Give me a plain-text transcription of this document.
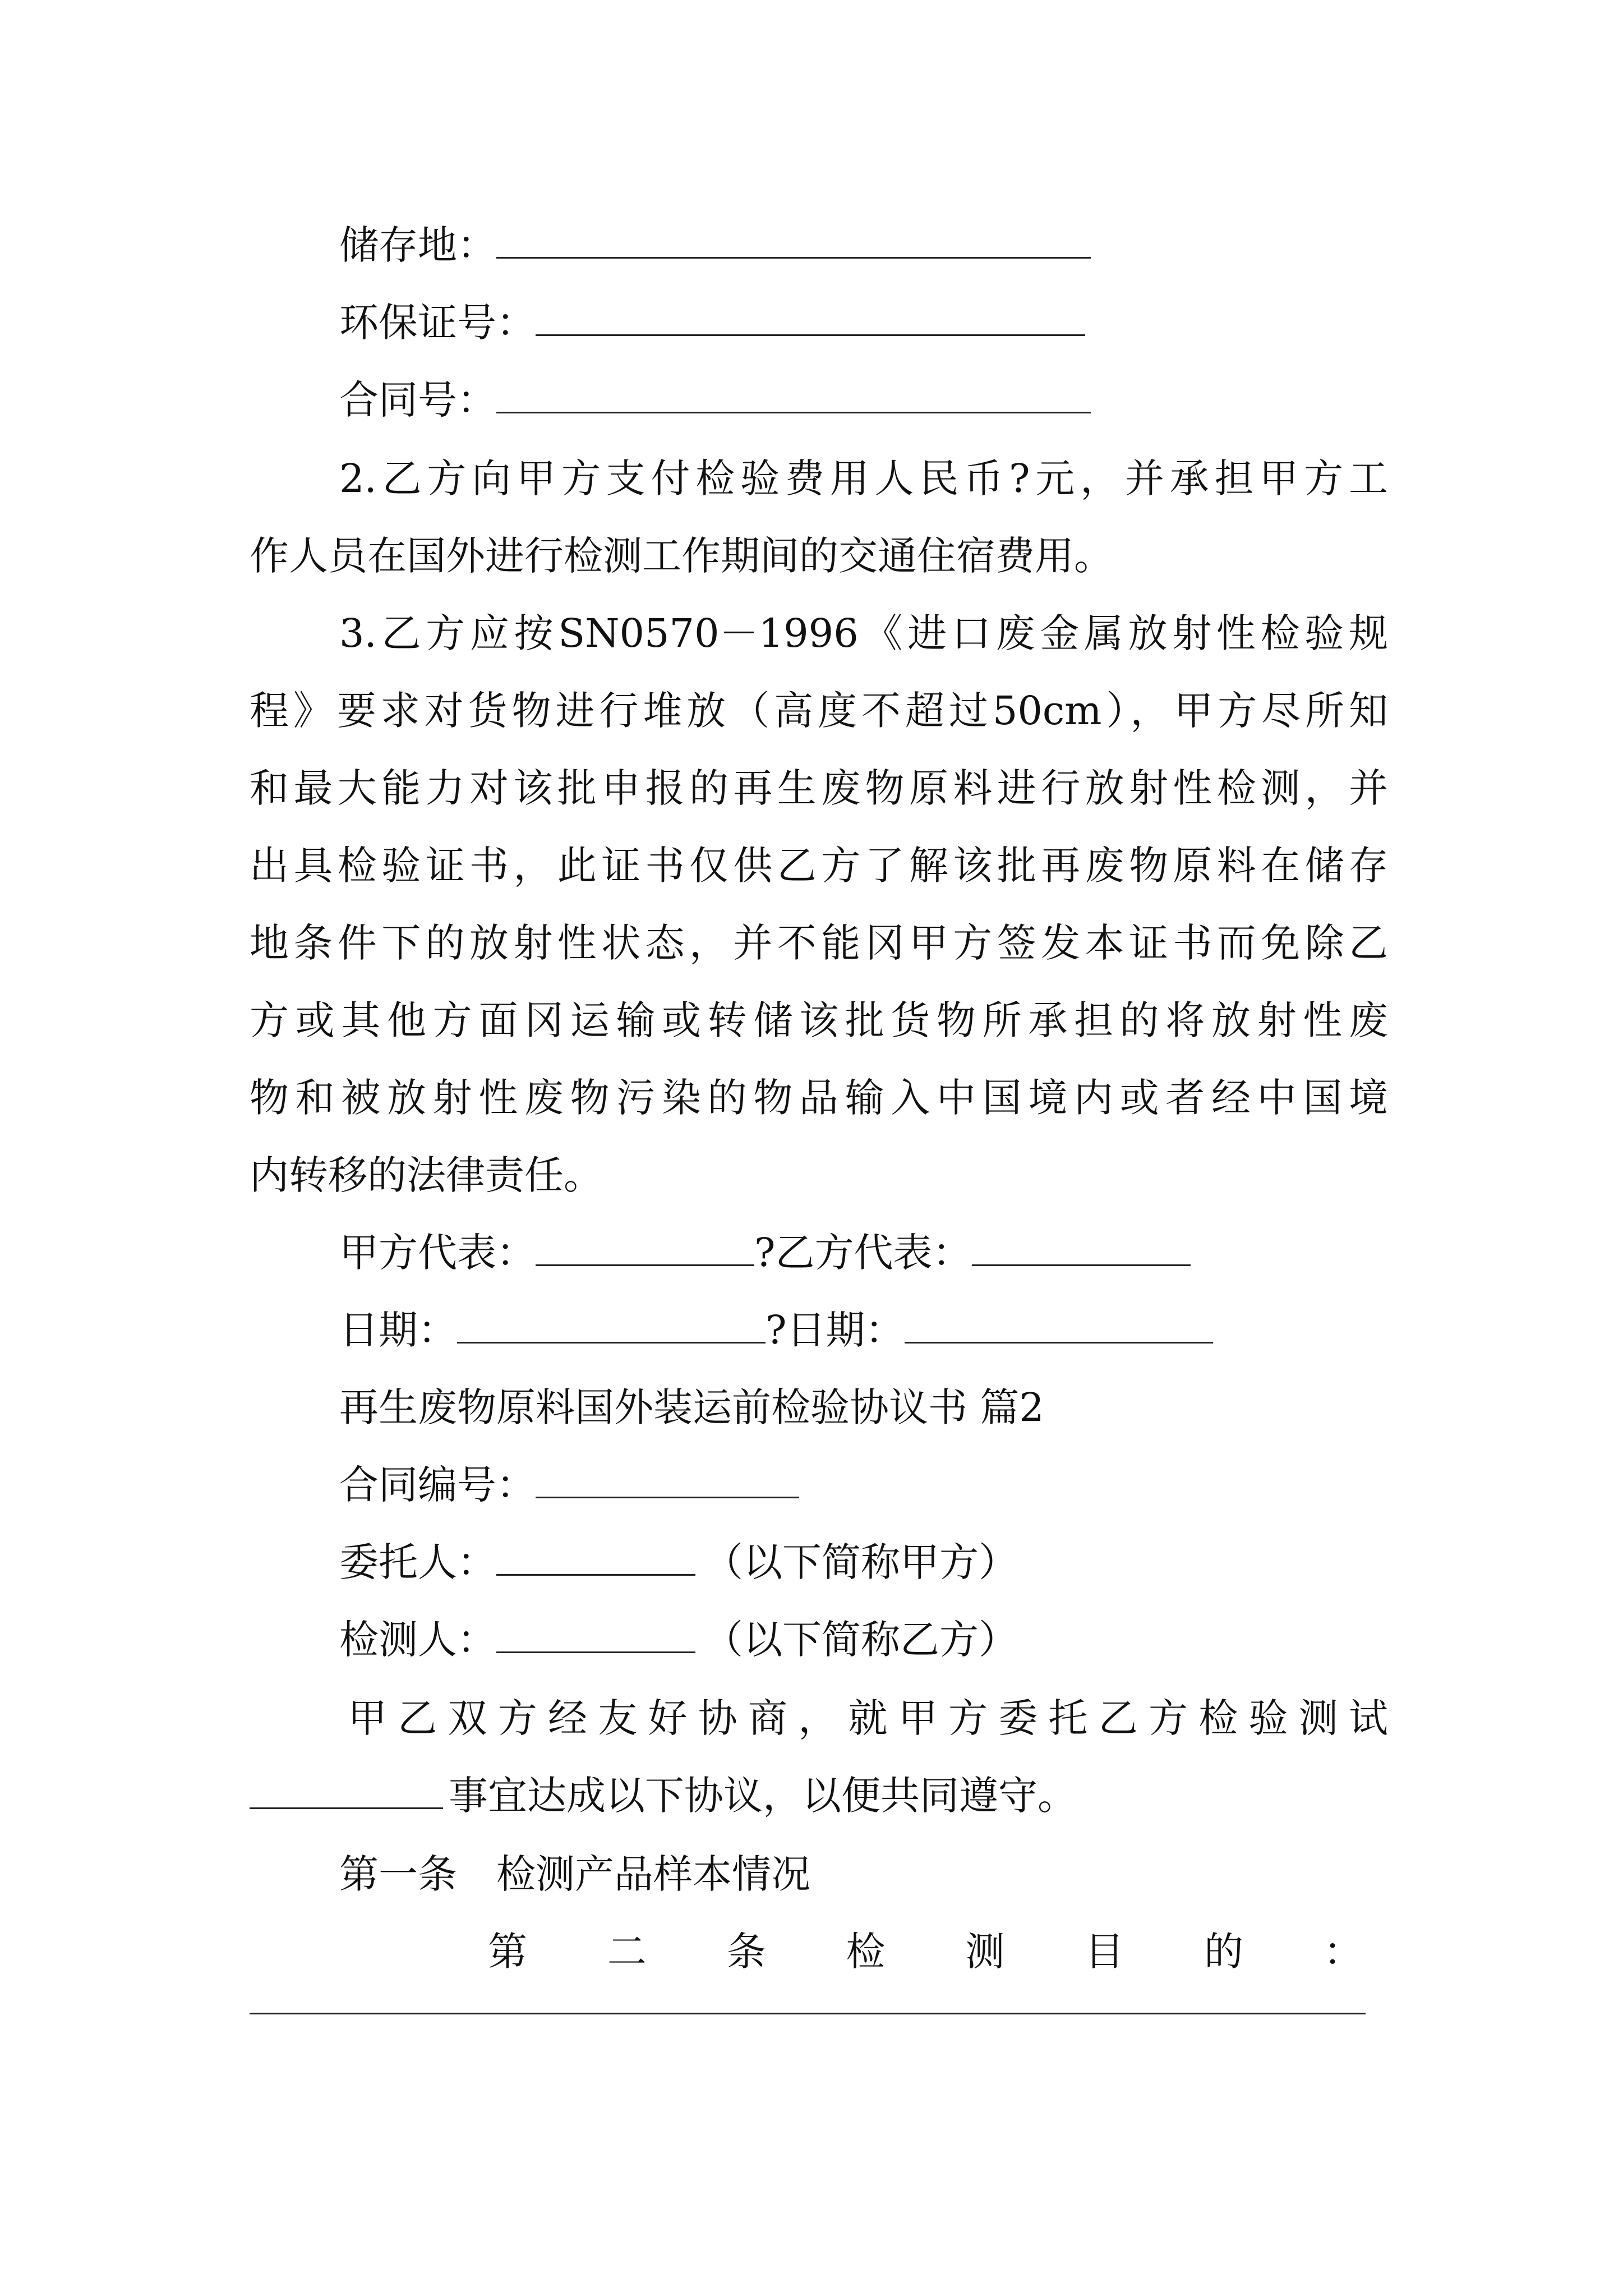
储存地：
环保证号：
合同号：
2.乙方向甲方支付检验费用人民币?元，并承担甲方工
作人员在国外进行检测工作期间的交通住宿费用。
3.乙方应按SN0570－1996《进口废金属放射性检验规
程》要求对货物进行堆放（高度不超过50cm），甲方尽所知
和最大能力对该批申报的再生废物原料进行放射性检测，并
出具检验证书，此证书仅供乙方了解该批再废物原料在储存
地条件下的放射性状态，并不能冈甲方签发本证书而免除乙
方或其他方面冈运输或转储该批货物所承担的将放射性废
物和被放射性废物污染的物品输入中国境内或者经中国境
内转移的法律责任。
甲方代表：	?乙方代表：
日期：	?日期：
再生废物原料国外装运前检验协议书 篇2
合同编号：
委托人：	（以下简称甲方）
检测人：	（以下简称乙方）
甲乙双方经友好协商，就甲方委托乙方检验测试
事宜达成以下协议，以便共同遵守。
第一条　检测产品样本情况
第 二 条 检 测 目 的 ：
